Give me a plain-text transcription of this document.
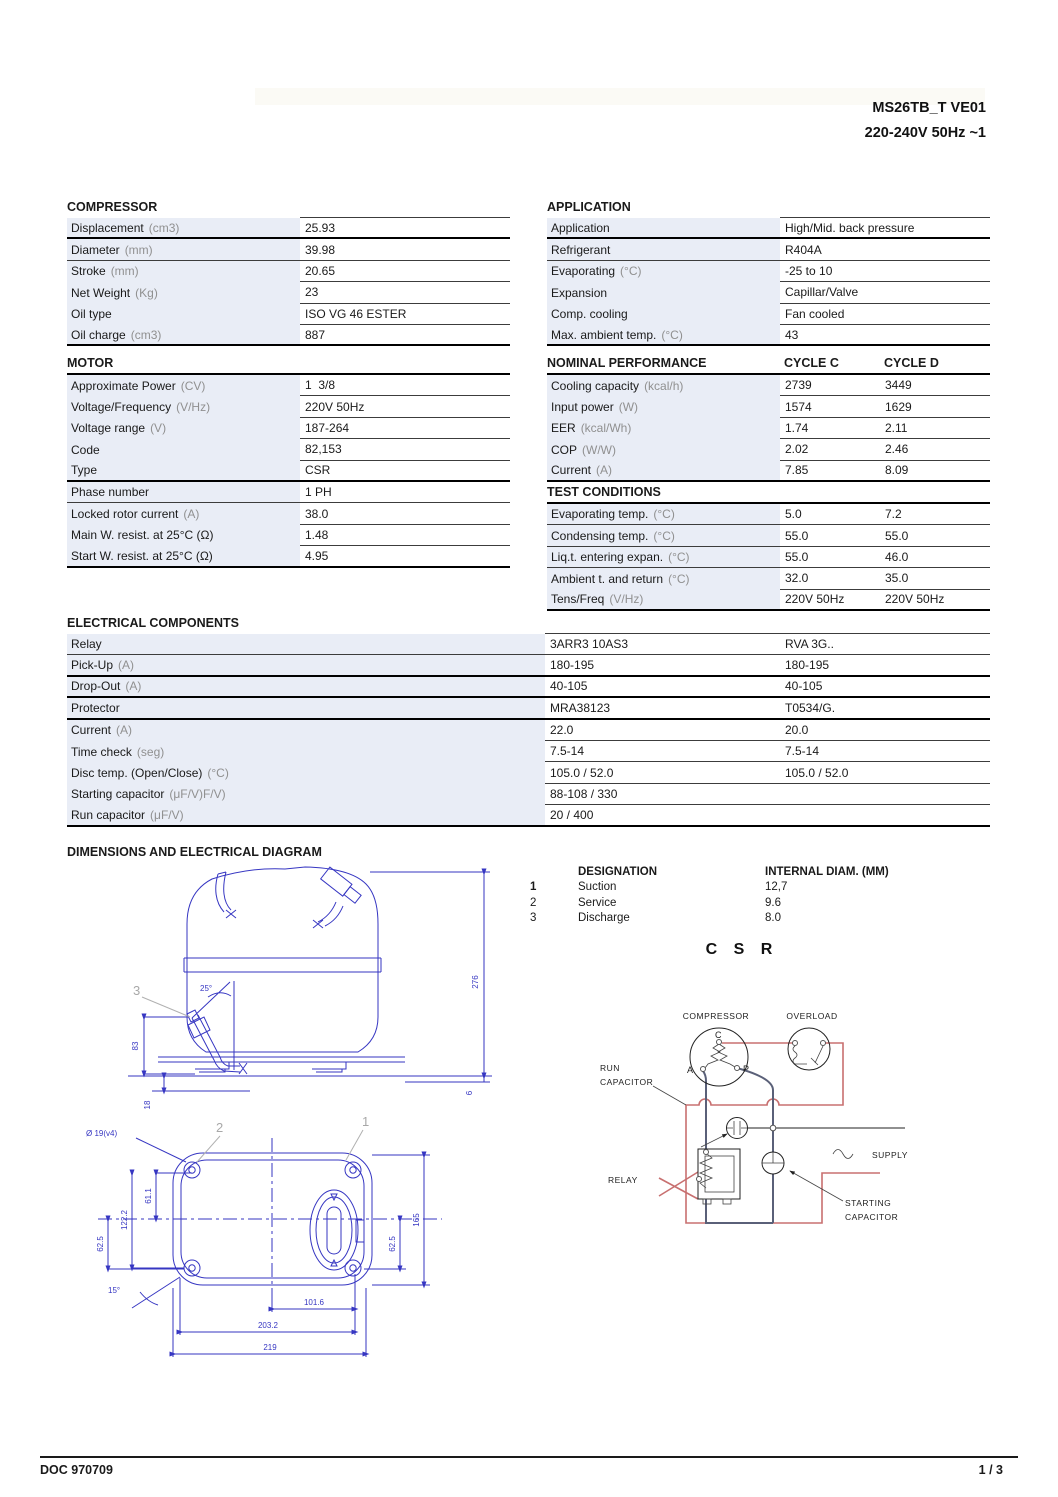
MS26TB_T VE01
220-240V 50Hz ~1
COMPRESSOR
Displacement (cm3)	25.93
Diameter (mm)	39.98
Stroke (mm)	20.65
Net Weight (Kg)	23
Oil type	ISO VG 46 ESTER
Oil charge (cm3)	887
APPLICATION
Application	High/Mid. back pressure
Refrigerant	R404A
Evaporating (°C)	-25 to 10
Expansion	Capillar/Valve
Comp. cooling	Fan cooled
Max. ambient temp. (°C)	43
MOTOR
Approximate Power (CV)	1  3/8
Voltage/Frequency (V/Hz)	220V 50Hz
Voltage range (V)	187-264
Code	82,153
Type	CSR
Phase number	1 PH
Locked rotor current (A)	38.0
Main W. resist. at 25°C (Ω)	1.48
Start W. resist. at 25°C (Ω)	4.95
NOMINAL PERFORMANCE	CYCLE C	CYCLE D
Cooling capacity (kcal/h)	2739	3449
Input power (W)	1574	1629
EER (kcal/Wh)	1.74	2.11
COP (W/W)	2.02	2.46
Current (A)	7.85	8.09
TEST CONDITIONS
Evaporating temp. (°C)	5.0	7.2
Condensing temp. (°C)	55.0	55.0
Liq.t. entering expan. (°C)	55.0	46.0
Ambient t. and return (°C)	32.0	35.0
Tens/Freq (V/Hz)	220V 50Hz	220V 50Hz
ELECTRICAL COMPONENTS
Relay	3ARR3 10AS3	RVA 3G..
Pick-Up (A)	180-195	180-195
Drop-Out (A)	40-105	40-105
Protector	MRA38123	T0534/G.
Current (A)	22.0	20.0
Time check (seg)	7.5-14	7.5-14
Disc temp. (Open/Close) (°C)	105.0 / 52.0	105.0 / 52.0
Starting capacitor (μF/V)F/V)	88-108 / 330
Run capacitor (μF/V)	20 / 400
DIMENSIONS AND ELECTRICAL DIAGRAM
DESIGNATION	INTERNAL DIAM. (MM)
1	Suction	12,7
2	Service	9.6
3	Discharge	8.0
C S R
25°
83
18
276
6
3
61.1
122.2
62.5
165
62.5
101.6
203.2
219
Ø 19(v4)
15°
2	1
C
A	P
COMPRESSOR	OVERLOAD
RELAY
RUN
CAPACITOR
STARTING
CAPACITOR
SUPPLY
DOC 970709	1 / 3
